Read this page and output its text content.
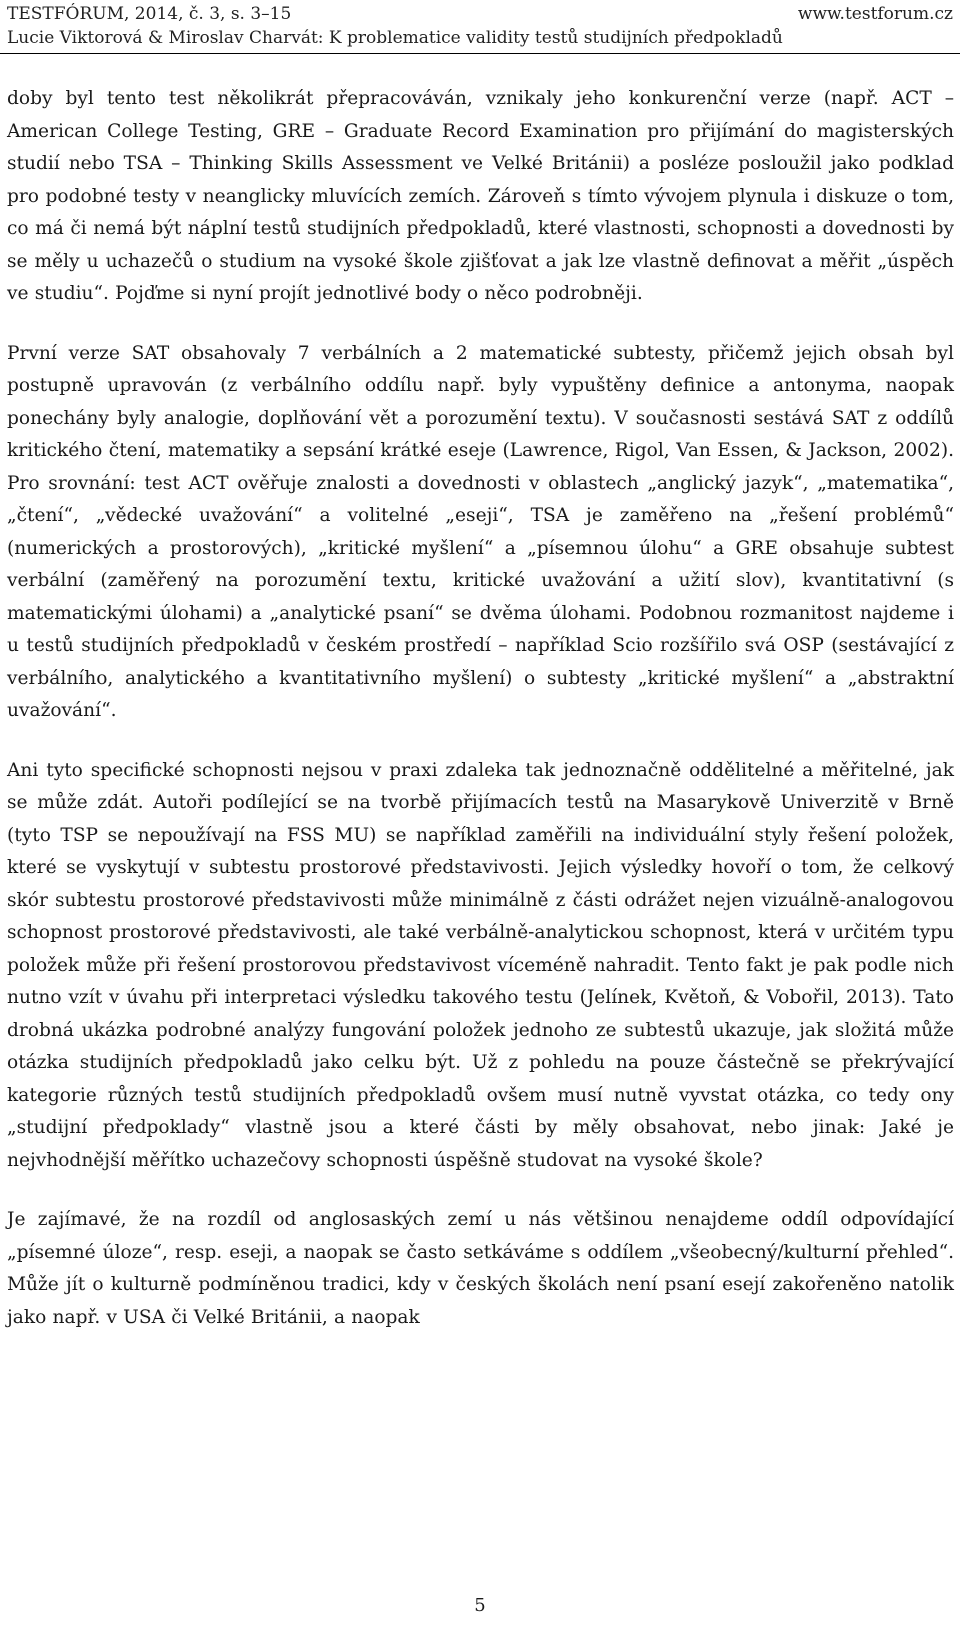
TESTFÓRUM, 2014, č. 3, s. 3–15	www.testforum.cz
Lucie Viktorová & Miroslav Charvát: K problematice validity testů studijních předpokladů

doby byl tento test několikrát přepracováván, vznikaly jeho konkurenční verze (např. ACT – American College Testing, GRE – Graduate Record Examination pro přijímání do magisterských studií nebo TSA – Thinking Skills Assessment ve Velké Británii) a posléze posloužil jako podklad pro podobné testy v neanglicky mluvících zemích. Zároveň s tímto vývojem plynula i diskuze o tom, co má či nemá být náplní testů studijních předpokladů, které vlastnosti, schopnosti a dovednosti by se měly u uchazečů o studium na vysoké škole zjišťovat a jak lze vlastně definovat a měřit „úspěch ve studiu“. Pojďme si nyní projít jednotlivé body o něco podrobněji.

První verze SAT obsahovaly 7 verbálních a 2 matematické subtesty, přičemž jejich obsah byl postupně upravován (z verbálního oddílu např. byly vypuštěny definice a antonyma, naopak ponechány byly analogie, doplňování vět a porozumění textu). V současnosti sestává SAT z oddílů kritického čtení, matematiky a sepsání krátké eseje (Lawrence, Rigol, Van Essen, & Jackson, 2002). Pro srovnání: test ACT ověřuje znalosti a dovednosti v oblastech „anglický jazyk“, „matematika“, „čtení“, „vědecké uvažování“ a volitelné „eseji“, TSA je zaměřeno na „řešení problémů“ (numerických a prostorových), „kritické myšlení“ a „písemnou úlohu“ a GRE obsahuje subtest verbální (zaměřený na porozumění textu, kritické uvažování a užití slov), kvantitativní (s matematickými úlohami) a „analytické psaní“ se dvěma úlohami. Podobnou rozmanitost najdeme i u testů studijních předpokladů v českém prostředí – například Scio rozšířilo svá OSP (sestávající z verbálního, analytického a kvantitativního myšlení) o subtesty „kritické myšlení“ a „abstraktní uvažování“.

Ani tyto specifické schopnosti nejsou v praxi zdaleka tak jednoznačně oddělitelné a měřitelné, jak se může zdát. Autoři podílející se na tvorbě přijímacích testů na Masarykově Univerzitě v Brně (tyto TSP se nepoužívají na FSS MU) se například zaměřili na individuální styly řešení položek, které se vyskytují v subtestu prostorové představivosti. Jejich výsledky hovoří o tom, že celkový skór subtestu prostorové představivosti může minimálně z části odrážet nejen vizuálně-analogovou schopnost prostorové představivosti, ale také verbálně-analytickou schopnost, která v určitém typu položek může při řešení prostorovou představivost víceméně nahradit. Tento fakt je pak podle nich nutno vzít v úvahu při interpretaci výsledku takového testu (Jelínek, Květoň, & Vobořil, 2013). Tato drobná ukázka podrobné analýzy fungování položek jednoho ze subtestů ukazuje, jak složitá může otázka studijních předpokladů jako celku být. Už z pohledu na pouze částečně se překrývající kategorie různých testů studijních předpokladů ovšem musí nutně vyvstat otázka, co tedy ony „studijní předpoklady“ vlastně jsou a které části by měly obsahovat, nebo jinak: Jaké je nejvhodnější měřítko uchazečovy schopnosti úspěšně studovat na vysoké škole?

Je zajímavé, že na rozdíl od anglosaských zemí u nás většinou nenajdeme oddíl odpovídající „písemné úloze“, resp. eseji, a naopak se často setkáváme s oddílem „všeobecný/kulturní přehled“. Může jít o kulturně podmíněnou tradici, kdy v českých školách není psaní esejí zakořeněno natolik jako např. v USA či Velké Británii, a naopak

5
